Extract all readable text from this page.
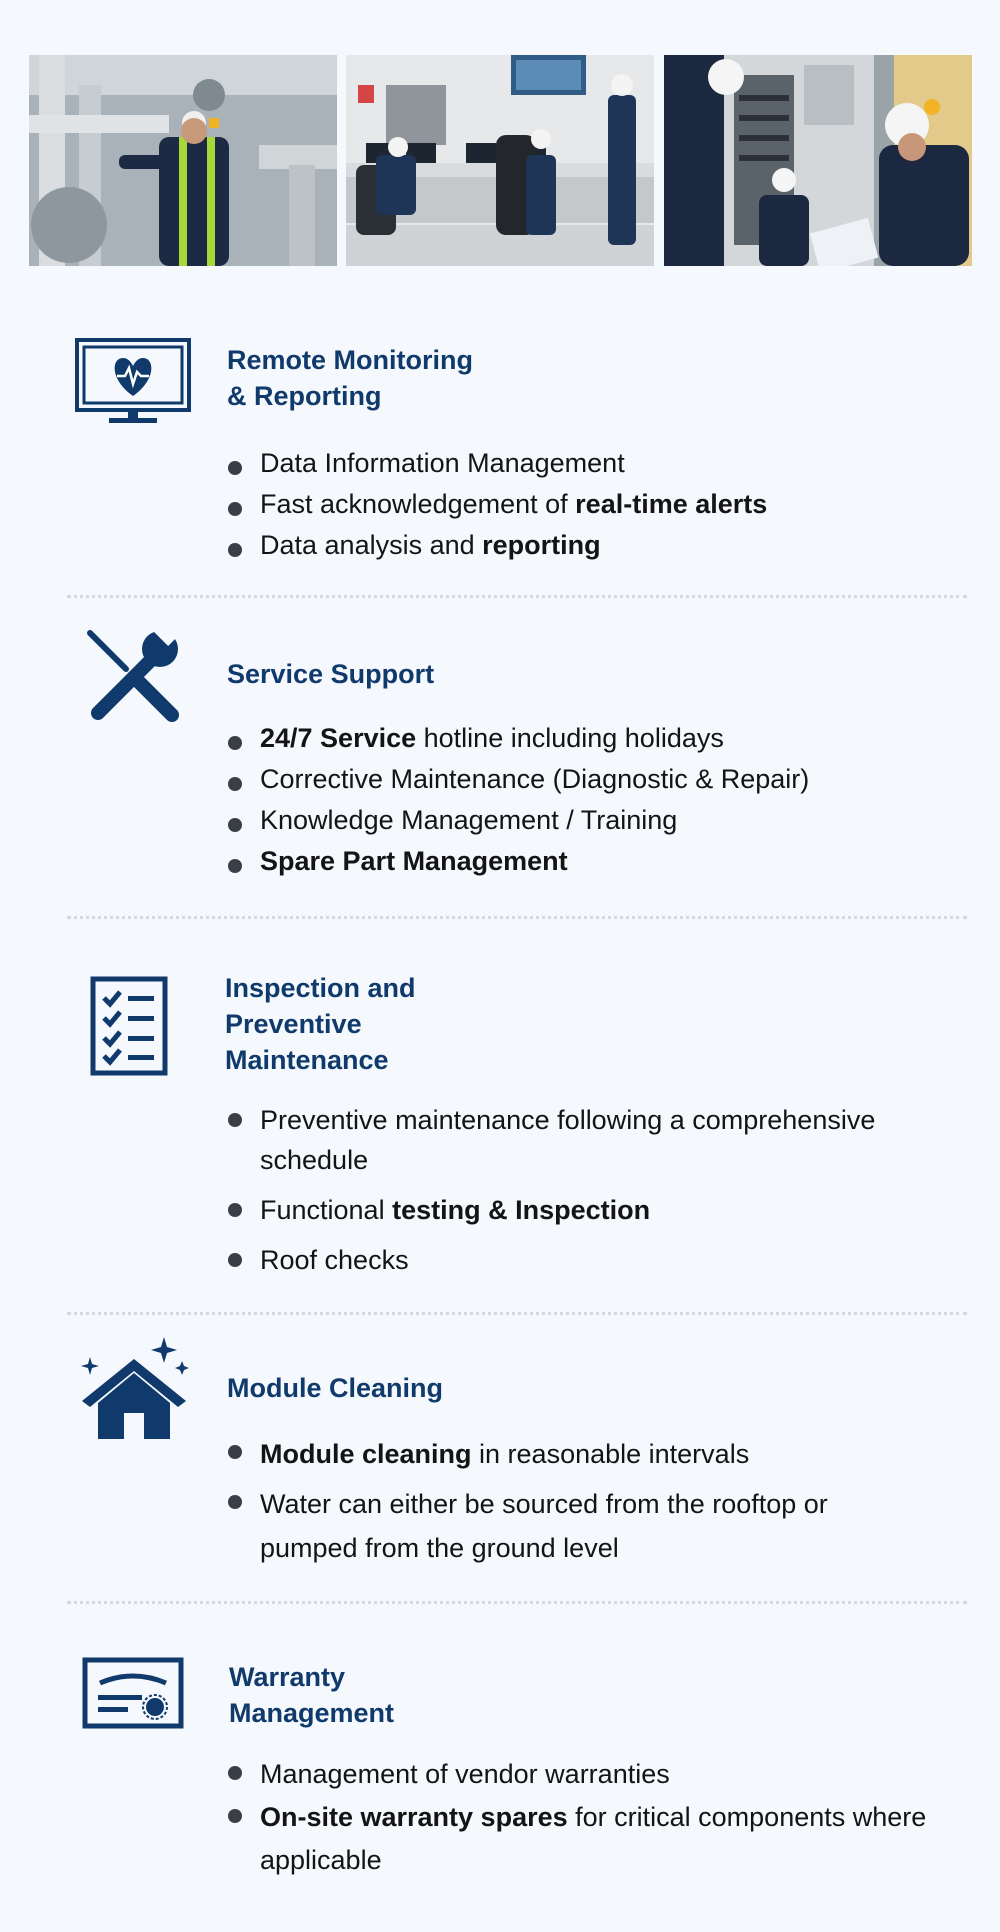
Remote Monitoring
& Reporting
Data Information Management
Fast acknowledgement of real-time alerts
Data analysis and reporting
Service Support
24/7 Service hotline including holidays
Corrective Maintenance (Diagnostic & Repair)
Knowledge Management / Training
Spare Part Management
Inspection and
Preventive
Maintenance
Preventive maintenance following a comprehensive schedule
Functional testing & Inspection
Roof checks
Module Cleaning
Module cleaning in reasonable intervals
Water can either be sourced from the rooftop or pumped from the ground level
Warranty
Management
Management of vendor warranties
On-site warranty spares for critical components where applicable
